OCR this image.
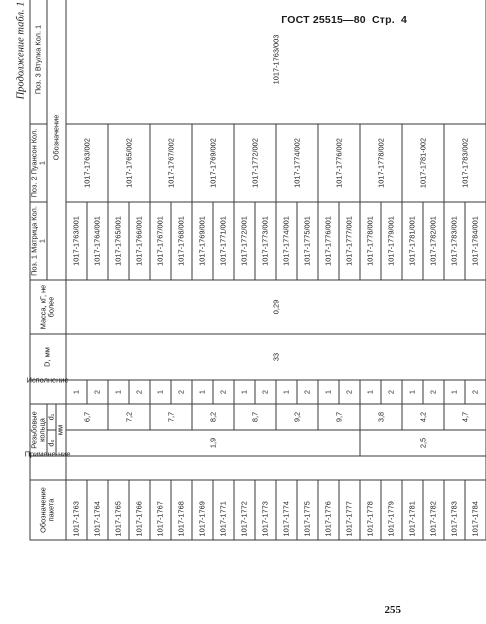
ГОСТ 25515—80 Стр. 4
Продолжение табл. 1
Обозначение пакета	Примене-ние	Резьбовые кольца		Исполнение	D, мм	Масса, кГ, не более	Поз. 1 Матрица Кол. 1	Поз. 2 Пуансон Кол. 1	Поз. 3 Втулка Кол. 1
		d₀	d₁				Обозначение		
		мм							
1017-1763		1,9	6,7	1	33	0,29	1017-1763/001	1017-1763/002	1017-1763/003
1017-1764				2			1017-1764/001		
1017-1765			7,2	1			1017-1765/001	1017-1765/002	
1017-1766				2			1017-1766/001		
1017-1767			7,7	1			1017-1767/001	1017-1767/002	
1017-1768				2			1017-1768/001		
1017-1769			8,2	1			1017-1769/001	1017-1769/002	
1017-1771				2			1017-1771/001		
1017-1772			8,7	1			1017-1772/001	1017-1772/002	
1017-1773				2			1017-1773/001		
1017-1774			9,2	1			1017-1774/001	1017-1774/002	
1017-1775				2			1017-1775/001		
1017-1776			9,7	1			1017-1776/001	1017-1776/002	
1017-1777				2			1017-1777/001		
1017-1778		2,5	3,8	1			1017-1778/001	1017-1778/002	
1017-1779				2			1017-1779/001		
1017-1781			4,2	1			1017-1781/001	1017-1781-002	
1017-1782				2			1017-1782/001		
1017-1783			4,7	1			1017-1783/001	1017-1783/002	
1017-1784				2			1017-1784/001		
255
